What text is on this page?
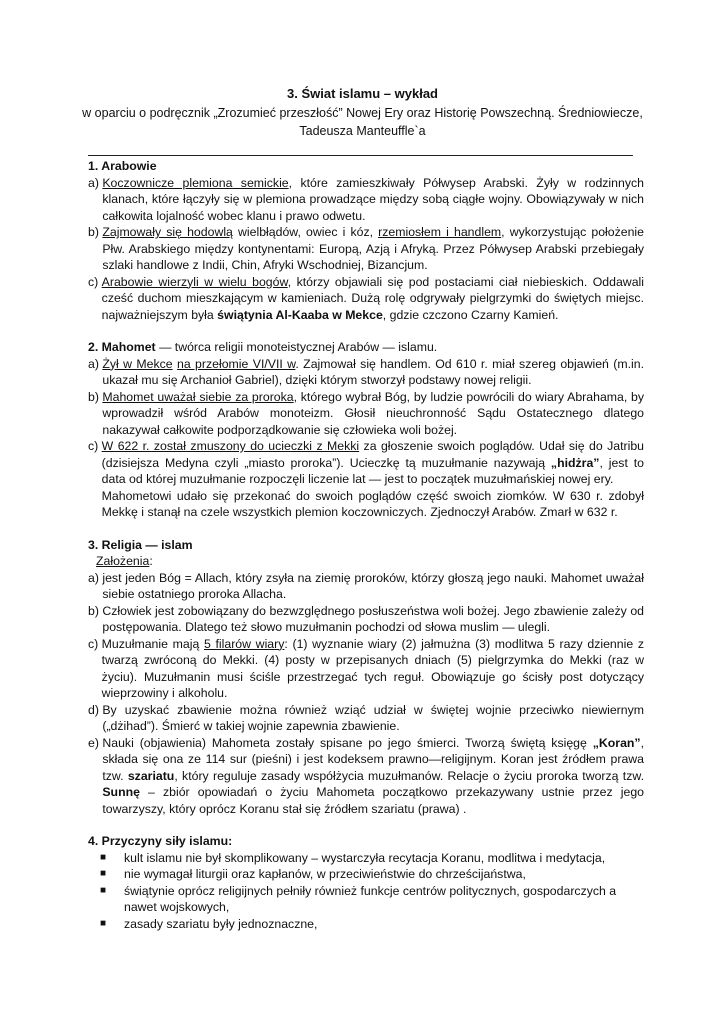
3. Świat islamu – wykład
w oparciu o podręcznik „Zrozumieć przeszłość” Nowej Ery oraz Historię Powszechną. Średniowiecze,
Tadeusza Manteuffle`a
1. Arabowie
a)
Koczownicze plemiona semickie, które zamieszkiwały Półwysep Arabski. Żyły w rodzinnych klanach, które łączyły się w plemiona prowadzące między sobą ciągłe wojny. Obowiązywały w nich całkowita lojalność wobec klanu i prawo odwetu.
b)
Zajmowały się hodowlą wielbłądów, owiec i kóz, rzemiosłem i handlem, wykorzystując położenie Płw. Arabskiego między kontynentami: Europą, Azją i Afryką. Przez Półwysep Arabski przebiegały szlaki handlowe z Indii, Chin, Afryki Wschodniej, Bizancjum.
c)
Arabowie wierzyli w wielu bogów, którzy objawiali się pod postaciami ciał niebieskich. Oddawali cześć duchom mieszkającym w kamieniach. Dużą rolę odgrywały pielgrzymki do świętych miejsc. najważniejszym była świątynia Al-Kaaba w Mekce, gdzie czczono Czarny Kamień.
2. Mahomet — twórca religii monoteistycznej Arabów — islamu.
a)
Żył w Mekce na przełomie VI/VII w. Zajmował się handlem. Od 610 r. miał szereg objawień (m.in. ukazał mu się Archanioł Gabriel), dzięki którym stworzył podstawy nowej religii.
b)
Mahomet uważał siebie za proroka, którego wybrał Bóg, by ludzie powrócili do wiary Abrahama, by wprowadził wśród Arabów monoteizm. Głosił nieuchronność Sądu Ostatecznego dlatego nakazywał całkowite podporządkowanie się człowieka woli bożej.
c)
W 622 r. został zmuszony do ucieczki z Mekki za głoszenie swoich poglądów. Udał się do Jatribu (dzisiejsza Medyna czyli „miasto proroka”). Ucieczkę tą muzułmanie nazywają „hidżra”, jest to data od której muzułmanie rozpoczęli liczenie lat — jest to początek muzułmańskiej nowej ery.
Mahometowi udało się przekonać do swoich poglądów część swoich ziomków. W 630 r. zdobył Mekkę i stanął na czele wszystkich plemion koczowniczych. Zjednoczył Arabów. Zmarł w 632 r.
3. Religia — islam
Założenia:
a)
jest jeden Bóg = Allach, który zsyła na ziemię proroków, którzy głoszą jego nauki. Mahomet uważał siebie ostatniego proroka Allacha.
b)
Człowiek jest zobowiązany do bezwzględnego posłuszeństwa woli bożej. Jego zbawienie zależy od postępowania. Dlatego też słowo muzułmanin pochodzi od słowa muslim — ulegli.
c)
Muzułmanie mają 5 filarów wiary: (1) wyznanie wiary (2) jałmużna (3) modlitwa 5 razy dziennie z twarzą zwróconą do Mekki. (4) posty w przepisanych dniach (5) pielgrzymka do Mekki (raz w życiu). Muzułmanin musi ściśle przestrzegać tych reguł. Obowiązuje go ścisły post dotyczący wieprzowiny i alkoholu.
d)
By uzyskać zbawienie można również wziąć udział w świętej wojnie przeciwko niewiernym („dżihad”). Śmierć w takiej wojnie zapewnia zbawienie.
e)
Nauki (objawienia) Mahometa zostały spisane po jego śmierci. Tworzą świętą księgę „Koran”, składa się ona ze 114 sur (pieśni) i jest kodeksem prawno—religijnym. Koran jest źródłem prawa tzw. szariatu, który reguluje zasady współżycia muzułmanów. Relacje o życiu proroka tworzą tzw. Sunnę – zbiór opowiadań o życiu Mahometa początkowo przekazywany ustnie przez jego towarzyszy, który oprócz Koranu stał się źródłem szariatu (prawa) .
4. Przyczyny siły islamu:
■	kult islamu nie był skomplikowany – wystarczyła recytacja Koranu, modlitwa i medytacja,
■	nie wymagał liturgii oraz kapłanów, w przeciwieństwie do chrześcijaństwa,
■	świątynie oprócz religijnych pełniły również funkcje centrów politycznych, gospodarczych a nawet wojskowych,
■	zasady szariatu były jednoznaczne,
